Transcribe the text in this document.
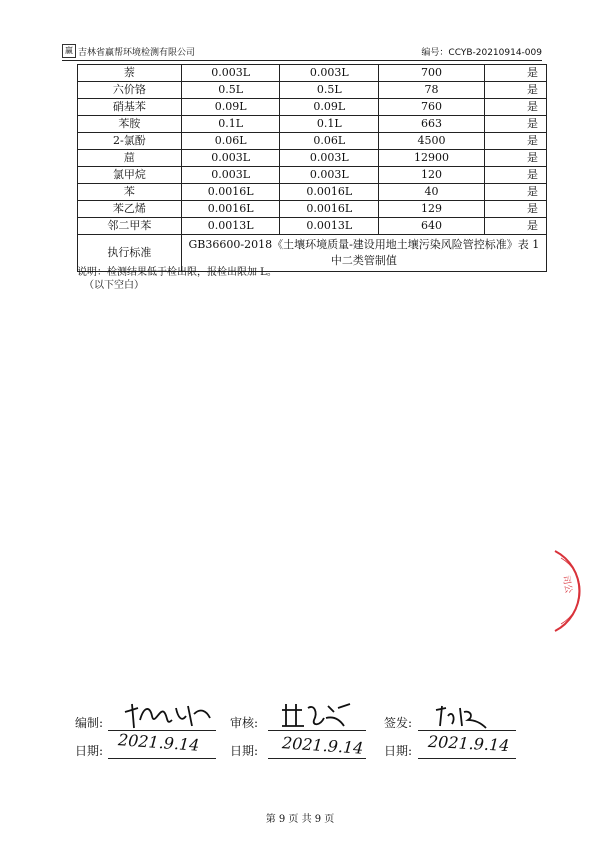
赢 吉林省赢帮环境检测有限公司	编号：CCYB-20210914-009
萘	0.003L	0.003L	700	是
六价铬	0.5L	0.5L	78	是
硝基苯	0.09L	0.09L	760	是
苯胺	0.1L	0.1L	663	是
2-氯酚	0.06L	0.06L	4500	是
䓛	0.003L	0.003L	12900	是
氯甲烷	0.003L	0.003L	120	是
苯	0.0016L	0.0016L	40	是
苯乙烯	0.0016L	0.0016L	129	是
邻二甲苯	0.0013L	0.0013L	640	是
执行标准	GB36600-2018《土壤环境质量-建设用地土壤污染风险管控标准》表 1 中二类管制值			
说明：检测结果低于检出限，报检出限加 L。
（以下空白）
司公
编制:	审核:	签发:
日期: 2021.9.14 日期: 2021.9.14 日期: 2021.9.14
第 9 页 共 9 页
